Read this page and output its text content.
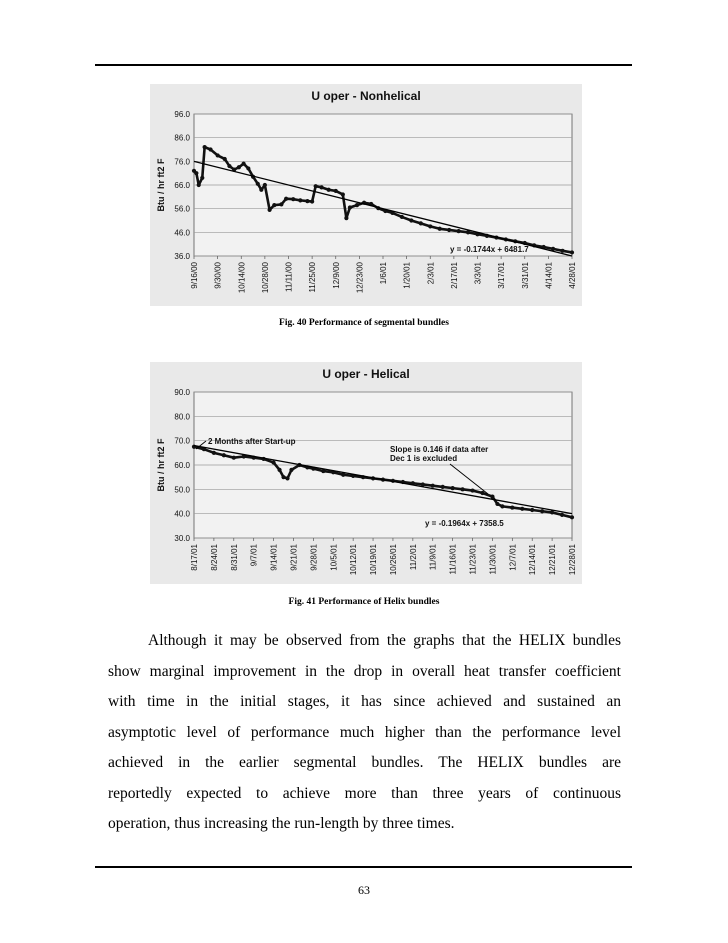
U oper - Nonhelical
96.0
86.0
76.0
66.0
56.0
46.0
36.0
Btu / hr ft2 F
9/16/00 9/30/00 10/14/00 10/28/00 11/11/00 11/25/00 12/9/00 12/23/00 1/6/01 1/20/01 2/3/01 2/17/01 3/3/01 3/17/01 3/31/01 4/14/01 4/28/01
y = -0.1744x + 6481.7
Fig. 40 Performance of segmental bundles
U oper - Helical
90.0
80.0
70.0
60.0
50.0
40.0
30.0
Btu / hr ft2 F
8/17/01 8/24/01 8/31/01 9/7/01 9/14/01 9/21/01 9/28/01 10/5/01 10/12/01 10/19/01 10/26/01 11/2/01 11/9/01 11/16/01 11/23/01 11/30/01 12/7/01 12/14/01 12/21/01 12/28/01
y = -0.1964x + 7358.5
2 Months after Start-up
Slope is 0.146 if data after
Dec 1 is excluded
Fig. 41 Performance of Helix bundles
Although it may be observed from the graphs that the HELIX bundles
show marginal improvement in the drop in overall heat transfer coefficient
with time in the initial stages, it has since achieved and sustained an
asymptotic level of performance much higher than the performance level
achieved in the earlier segmental bundles. The HELIX bundles are
reportedly expected to achieve more than three years of continuous
operation, thus increasing the run-length by three times.
63
